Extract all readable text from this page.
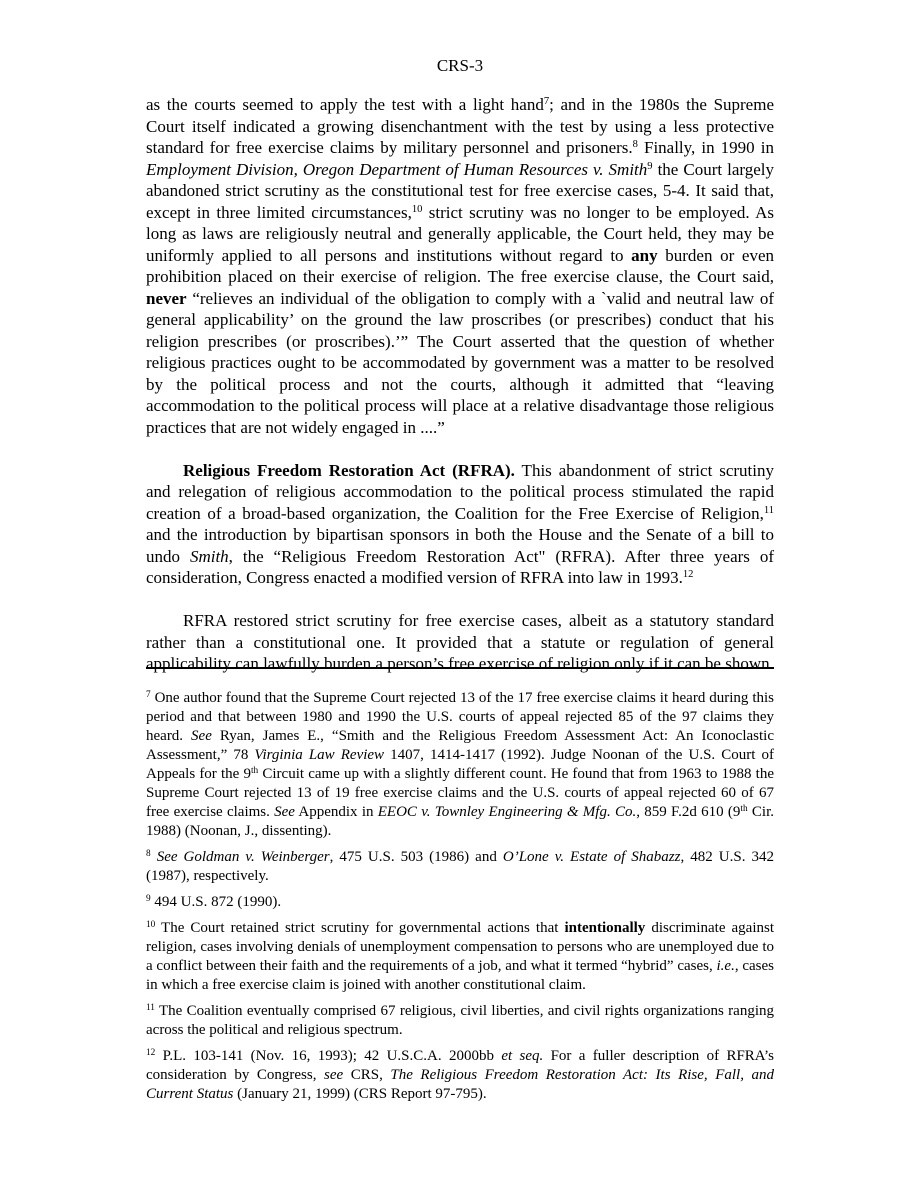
CRS-3

as the courts seemed to apply the test with a light hand$^7$; and in the 1980s the Supreme Court itself indicated a growing disenchantment with the test by using a less protective standard for free exercise claims by military personnel and prisoners.$^8$ Finally, in 1990 in Employment Division, Oregon Department of Human Resources v. Smith$^9$ the Court largely abandoned strict scrutiny as the constitutional test for free exercise cases, 5-4. It said that, except in three limited circumstances,$^{10}$ strict scrutiny was no longer to be employed. As long as laws are religiously neutral and generally applicable, the Court held, they may be uniformly applied to all persons and institutions without regard to any burden or even prohibition placed on their exercise of religion. The free exercise clause, the Court said, never “relieves an individual of the obligation to comply with a `valid and neutral law of general applicability’ on the ground the law proscribes (or prescribes) conduct that his religion prescribes (or proscribes).’” The Court asserted that the question of whether religious practices ought to be accommodated by government was a matter to be resolved by the political process and not the courts, although it admitted that “leaving accommodation to the political process will place at a relative disadvantage those religious practices that are not widely engaged in ....”

Religious Freedom Restoration Act (RFRA). This abandonment of strict scrutiny and relegation of religious accommodation to the political process stimulated the rapid creation of a broad-based organization, the Coalition for the Free Exercise of Religion,$^{11}$ and the introduction by bipartisan sponsors in both the House and the Senate of a bill to undo Smith, the “Religious Freedom Restoration Act" (RFRA). After three years of consideration, Congress enacted a modified version of RFRA into law in 1993.12

RFRA restored strict scrutiny for free exercise cases, albeit as a statutory standard rather than a constitutional one. It provided that a statute or regulation of general applicability can lawfully burden a person’s free exercise of religion only if it can be shown

$^7$ One author found that the Supreme Court rejected 13 of the 17 free exercise claims it heard during this period and that between 1980 and 1990 the U.S. courts of appeal rejected 85 of the 97 claims they heard. See Ryan, James E., “Smith and the Religious Freedom Assessment Act: An Iconoclastic Assessment,” 78 Virginia Law Review 1407, 1414-1417 (1992). Judge Noonan of the U.S. Court of Appeals for the 9th Circuit came up with a slightly different count. He found that from 1963 to 1988 the Supreme Court rejected 13 of 19 free exercise claims and the U.S. courts of appeal rejected 60 of 67 free exercise claims. See Appendix in EEOC v. Townley Engineering & Mfg. Co., 859 F.2d 610 (9th Cir. 1988) (Noonan, J., dissenting).

$^8$ See Goldman v. Weinberger, 475 U.S. 503 (1986) and O’Lone v. Estate of Shabazz, 482 U.S. 342 (1987), respectively.

$^9$ 494 U.S. 872 (1990).

$^{10}$ The Court retained strict scrutiny for governmental actions that intentionally discriminate against religion, cases involving denials of unemployment compensation to persons who are unemployed due to a conflict between their faith and the requirements of a job, and what it termed “hybrid” cases, i.e., cases in which a free exercise claim is joined with another constitutional claim.

$^{11}$ The Coalition eventually comprised 67 religious, civil liberties, and civil rights organizations ranging across the political and religious spectrum.

$^{12}$ P.L. 103-141 (Nov. 16, 1993); 42 U.S.C.A. 2000bb et seq. For a fuller description of RFRA’s consideration by Congress, see CRS, The Religious Freedom Restoration Act: Its Rise, Fall, and Current Status (January 21, 1999) (CRS Report 97-795).
